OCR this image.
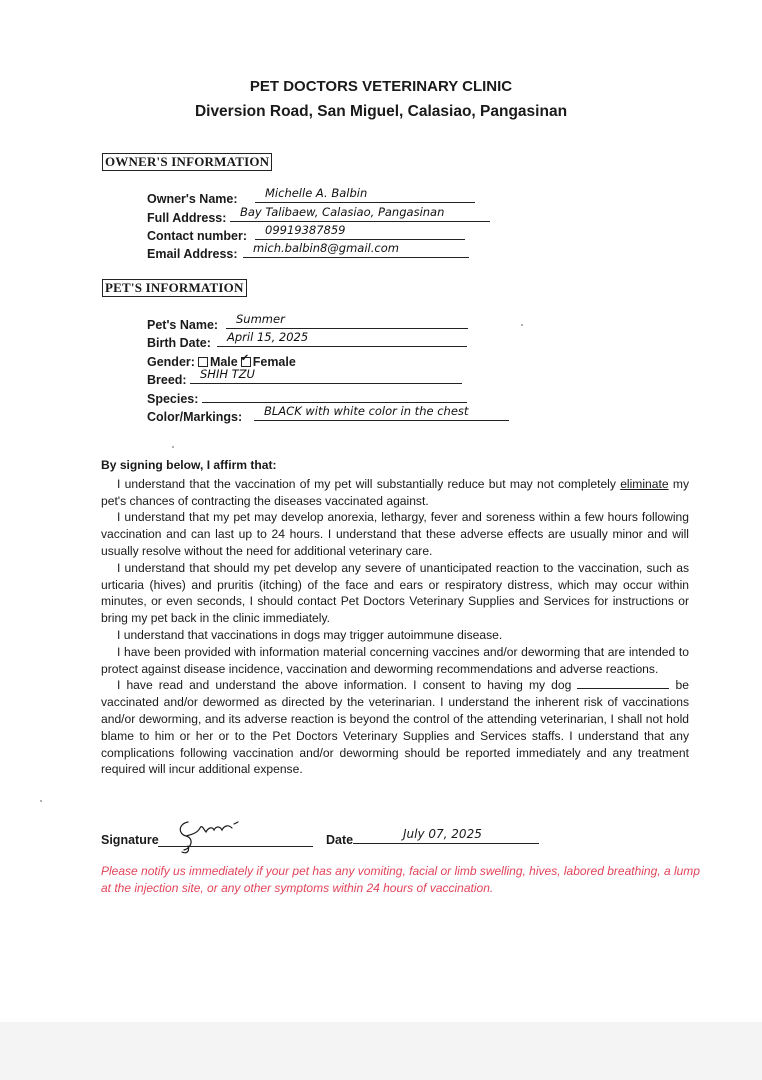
PET DOCTORS VETERINARY CLINIC
Diversion Road, San Miguel, Calasiao, Pangasinan
OWNER'S INFORMATION
Owner's Name:	Michelle A. Balbin
Full Address:	Bay Talibaew, Calasiao, Pangasinan
Contact number:	09919387859
Email Address:	mich.balbin8@gmail.com
PET'S INFORMATION
Pet's Name:	Summer
Birth Date:	April 15, 2025
Gender: Male✔ Female
Breed:	SHIH TZU
Species:
Color/Markings:	BLACK with white color in the chest

By signing below, I affirm that:

I understand that the vaccination of my pet will substantially reduce but may not completely eliminate my pet's chances of contracting the diseases vaccinated against.

I understand that my pet may develop anorexia, lethargy, fever and soreness within a few hours following vaccination and can last up to 24 hours. I understand that these adverse effects are usually minor and will usually resolve without the need for additional veterinary care.

I understand that should my pet develop any severe of unanticipated reaction to the vaccination, such as urticaria (hives) and pruritis (itching) of the face and ears or respiratory distress, which may occur within minutes, or even seconds, I should contact Pet Doctors Veterinary Supplies and Services for instructions or bring my pet back in the clinic immediately.

I understand that vaccinations in dogs may trigger autoimmune disease.

I have been provided with information material concerning vaccines and/or deworming that are intended to protect against disease incidence, vaccination and deworming recommendations and adverse reactions.

I have read and understand the above information. I consent to having my dog	be vaccinated and/or dewormed as directed by the veterinarian. I understand the inherent risk of vaccinations and/or deworming, and its adverse reaction is beyond the control of the attending veterinarian, I shall not hold blame to him or her or to the Pet Doctors Veterinary Supplies and Services staffs. I understand that any complications following vaccination and/or deworming should be reported immediately and any treatment required will incur additional expense.

Signature	Date	July 07, 2025
Please notify us immediately if your pet has any vomiting, facial or limb swelling, hives, labored breathing, a lump at the injection site, or any other symptoms within 24 hours of vaccination.
